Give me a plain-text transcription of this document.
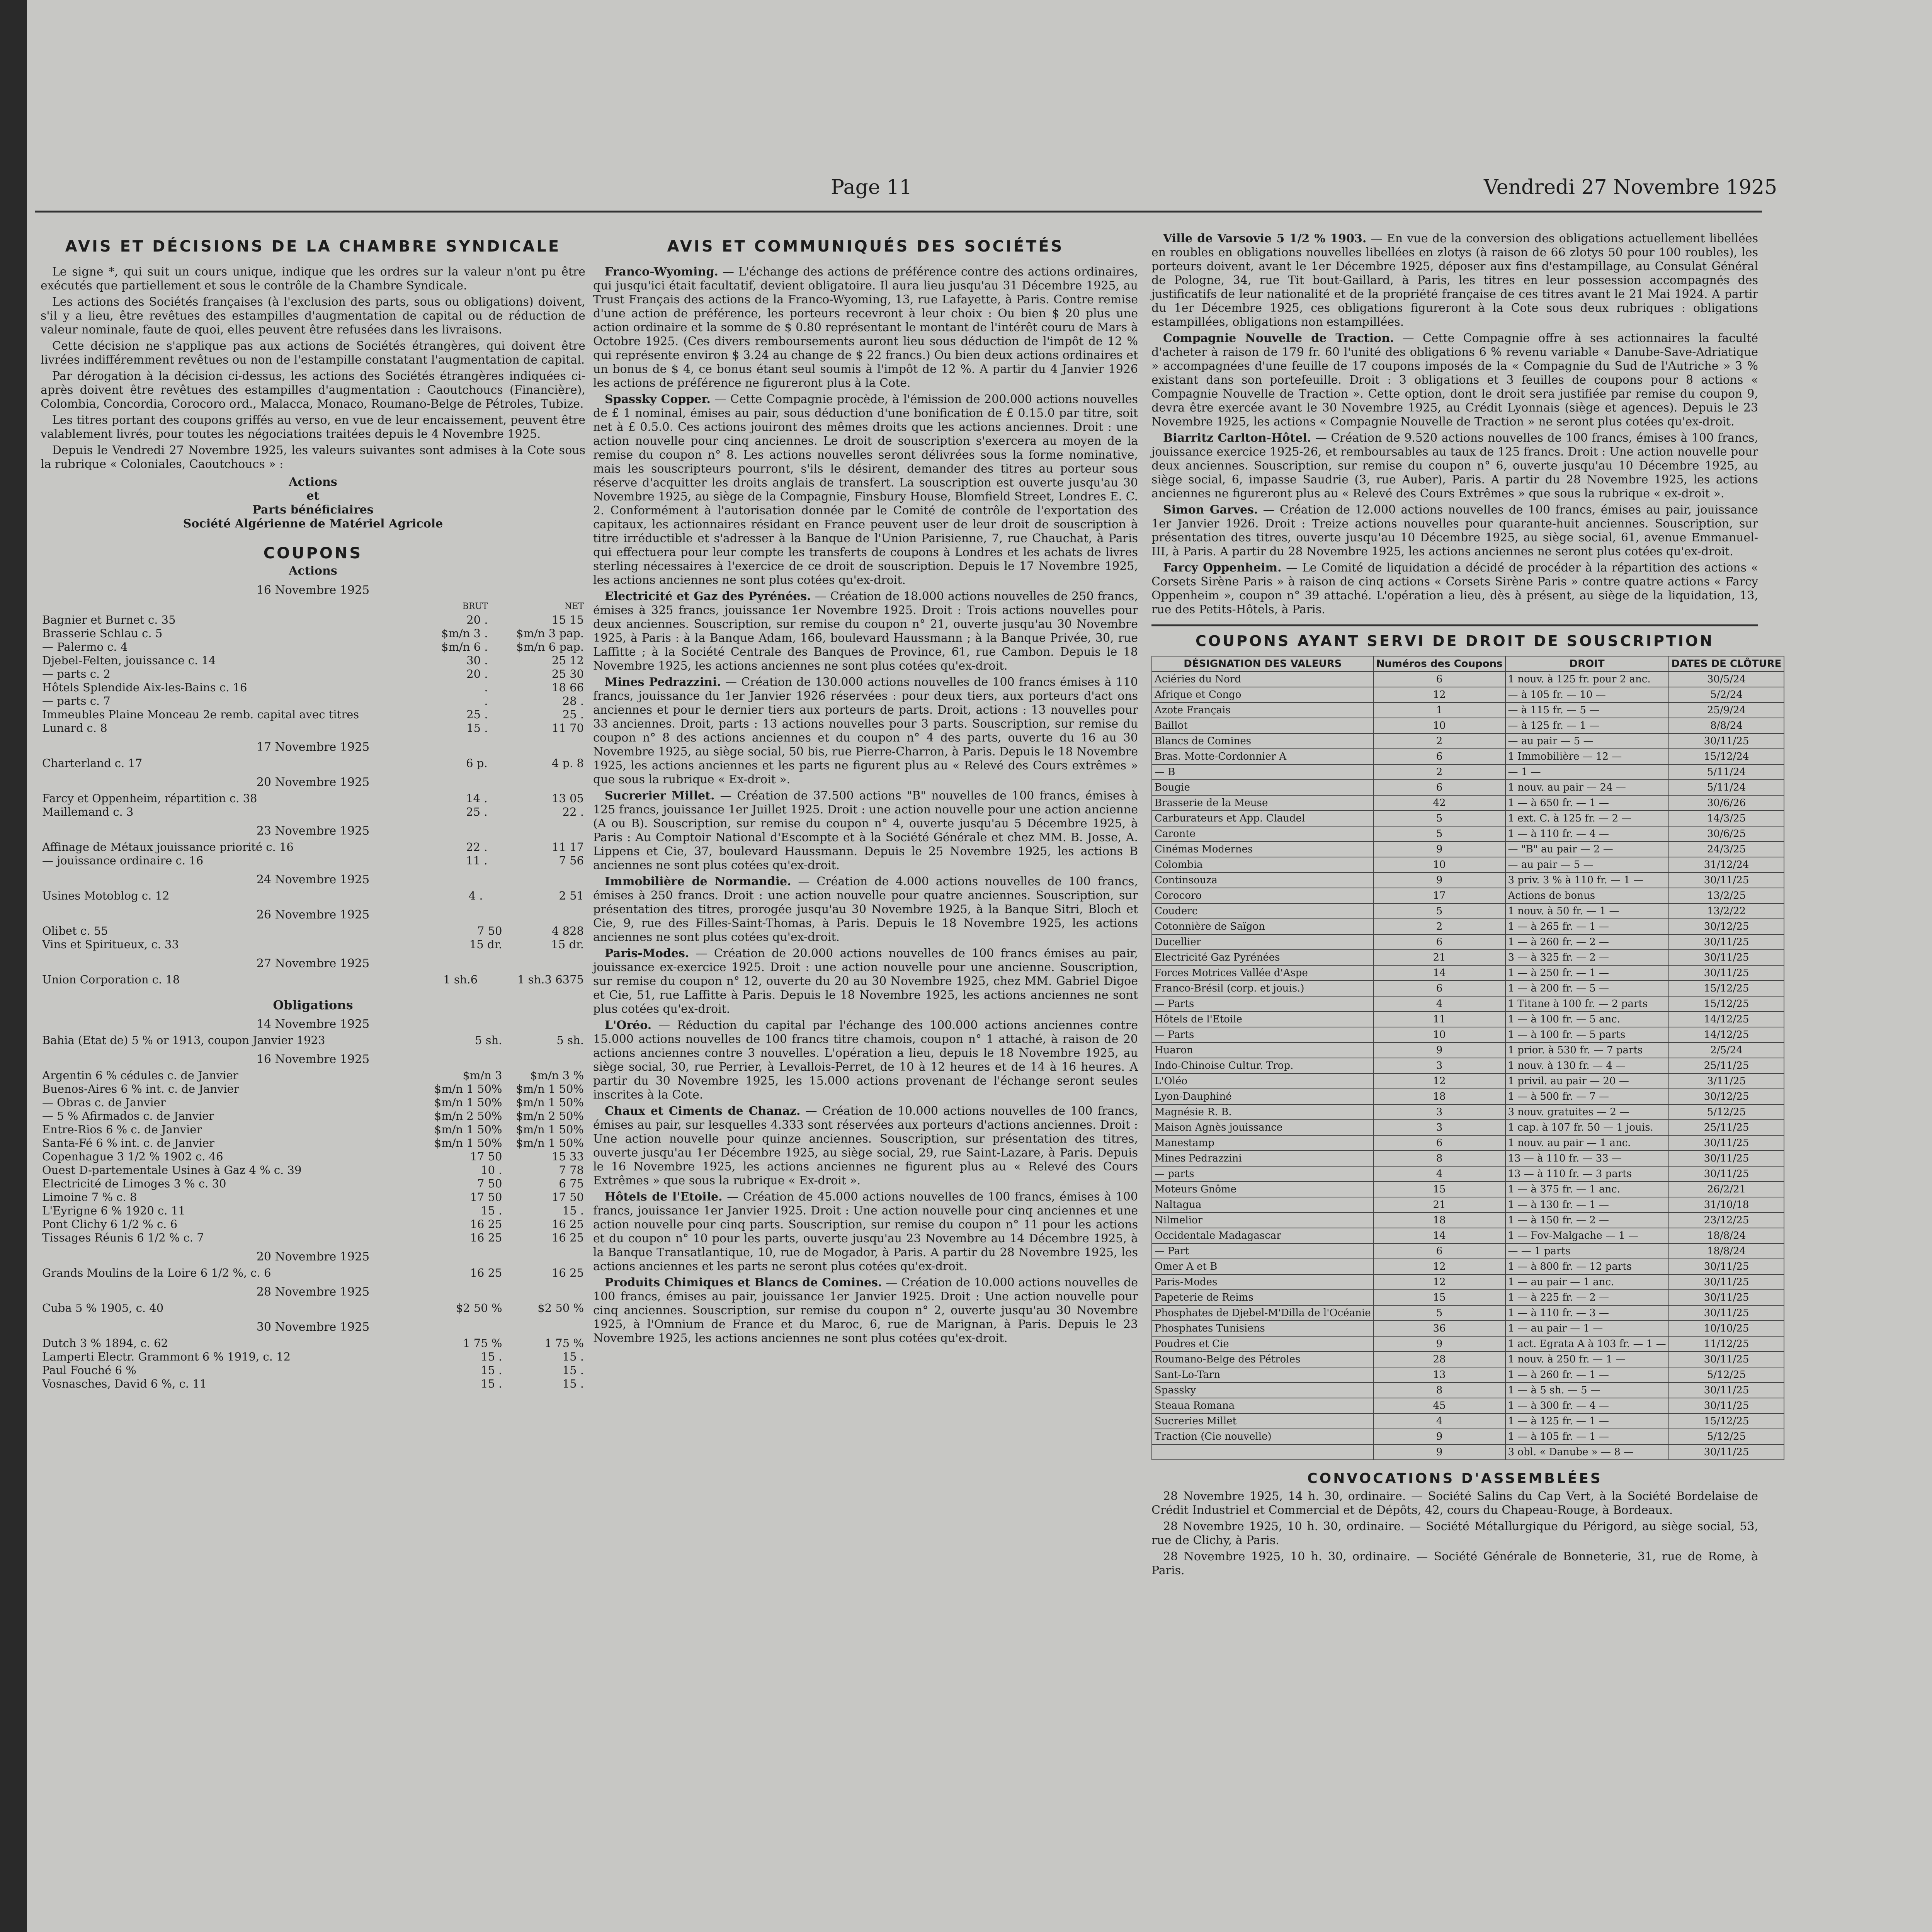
Page 11	Vendredi 27 Novembre 1925
AVIS ET DÉCISIONS DE LA CHAMBRE SYNDICALE

Le signe *, qui suit un cours unique, indique que les ordres sur la valeur n'ont pu être exécutés que partiellement et sous le contrôle de la Chambre Syndicale.

Les actions des Sociétés françaises (à l'exclusion des parts, sous ou obligations) doivent, s'il y a lieu, être revêtues des estampilles d'augmentation de capital ou de réduction de valeur nominale, faute de quoi, elles peuvent être refusées dans les livraisons.

Cette décision ne s'applique pas aux actions de Sociétés étrangères, qui doivent être livrées indifféremment revêtues ou non de l'estampille constatant l'augmentation de capital.

Par dérogation à la décision ci-dessus, les actions des Sociétés étrangères indiquées ci-après doivent être revêtues des estampilles d'augmentation : Caoutchoucs (Financière), Colombia, Concordia, Corocoro ord., Malacca, Monaco, Roumano-Belge de Pétroles, Tubize.

Les titres portant des coupons griffés au verso, en vue de leur encaissement, peuvent être valablement livrés, pour toutes les négociations traitées depuis le 4 Novembre 1925.

Depuis le Vendredi 27 Novembre 1925, les valeurs suivantes sont admises à la Cote sous la rubrique « Coloniales, Caoutchoucs » :

Actions
et
Parts bénéficiaires
Société Algérienne de Matériel Agricole
COUPONS
Actions
16 Novembre 1925
	BRUT	NET
Bagnier et Burnet c. 35	20 .	15 15
Brasserie Schlau c. 5	$m/n 3 .	$m/n 3 pap.
— Palermo c. 4	$m/n 6 .	$m/n 6 pap.
Djebel-Felten, jouissance c. 14	30 .	25 12
— parts c. 2	20 .	25 30
Hôtels Splendide Aix-les-Bains c. 16	.	18 66
— parts c. 7	.	28 .
Immeubles Plaine Monceau 2e remb. capital avec titres	25 .	25 .
Lunard c. 8	15 .	11 70
17 Novembre 1925
Charterland c. 17	6 p.	4 p. 8
20 Novembre 1925
Farcy et Oppenheim, répartition c. 38	14 .	13 05
Maillemand c. 3	25 .	22 .
23 Novembre 1925
Affinage de Métaux jouissance priorité c. 16	22 .	11 17
— jouissance ordinaire c. 16	11 .	7 56
24 Novembre 1925
Usines Motoblog c. 12	4 .	2 51
26 Novembre 1925
Olibet c. 55	7 50	4 828
Vins et Spiritueux, c. 33	15 dr.	15 dr.
27 Novembre 1925
Union Corporation c. 18	1 sh.6	1 sh.3 6375
Obligations
14 Novembre 1925
Bahia (Etat de) 5 % or 1913, coupon Janvier 1923	5 sh.	5 sh.
16 Novembre 1925
Argentin 6 % cédules c. de Janvier	$m/n 3	$m/n 3 %
Buenos-Aires 6 % int. c. de Janvier	$m/n 1 50%	$m/n 1 50%
— Obras c. de Janvier	$m/n 1 50%	$m/n 1 50%
— 5 % Afirmados c. de Janvier	$m/n 2 50%	$m/n 2 50%
Entre-Rios 6 % c. de Janvier	$m/n 1 50%	$m/n 1 50%
Santa-Fé 6 % int. c. de Janvier	$m/n 1 50%	$m/n 1 50%
Copenhague 3 1/2 % 1902 c. 46	17 50	15 33
Ouest D-partementale Usines à Gaz 4 % c. 39	10 .	7 78
Electricité de Limoges 3 % c. 30	7 50	6 75
Limoine 7 % c. 8	17 50	17 50
L'Eyrigne 6 % 1920 c. 11	15 .	15 .
Pont Clichy 6 1/2 % c. 6	16 25	16 25
Tissages Réunis 6 1/2 % c. 7	16 25	16 25
20 Novembre 1925
Grands Moulins de la Loire 6 1/2 %, c. 6	16 25	16 25
28 Novembre 1925
Cuba 5 % 1905, c. 40	$2 50 %	$2 50 %
30 Novembre 1925
Dutch 3 % 1894, c. 62	1 75 %	1 75 %
Lamperti Electr. Grammont 6 % 1919, c. 12	15 .	15 .
Paul Fouché 6 %	15 .	15 .
Vosnasches, David 6 %, c. 11	15 .	15 .
AVIS ET COMMUNIQUÉS DES SOCIÉTÉS

Franco-Wyoming. — L'échange des actions de préférence contre des actions ordinaires, qui jusqu'ici était facultatif, devient obligatoire. Il aura lieu jusqu'au 31 Décembre 1925, au Trust Français des actions de la Franco-Wyoming, 13, rue Lafayette, à Paris. Contre remise d'une action de préférence, les porteurs recevront à leur choix : Ou bien $ 20 plus une action ordinaire et la somme de $ 0.80 représentant le montant de l'intérêt couru de Mars à Octobre 1925. (Ces divers remboursements auront lieu sous déduction de l'impôt de 12 % qui représente environ $ 3.24 au change de $ 22 francs.) Ou bien deux actions ordinaires et un bonus de $ 4, ce bonus étant seul soumis à l'impôt de 12 %. A partir du 4 Janvier 1926 les actions de préférence ne figureront plus à la Cote.

Spassky Copper. — Cette Compagnie procède, à l'émission de 200.000 actions nouvelles de £ 1 nominal, émises au pair, sous déduction d'une bonification de £ 0.15.0 par titre, soit net à £ 0.5.0. Ces actions jouiront des mêmes droits que les actions anciennes. Droit : une action nouvelle pour cinq anciennes. Le droit de souscription s'exercera au moyen de la remise du coupon n° 8. Les actions nouvelles seront délivrées sous la forme nominative, mais les souscripteurs pourront, s'ils le désirent, demander des titres au porteur sous réserve d'acquitter les droits anglais de transfert. La souscription est ouverte jusqu'au 30 Novembre 1925, au siège de la Compagnie, Finsbury House, Blomfield Street, Londres E. C. 2. Conformément à l'autorisation donnée par le Comité de contrôle de l'exportation des capitaux, les actionnaires résidant en France peuvent user de leur droit de souscription à titre irréductible et s'adresser à la Banque de l'Union Parisienne, 7, rue Chauchat, à Paris qui effectuera pour leur compte les transferts de coupons à Londres et les achats de livres sterling nécessaires à l'exercice de ce droit de souscription. Depuis le 17 Novembre 1925, les actions anciennes ne sont plus cotées qu'ex-droit.

Electricité et Gaz des Pyrénées. — Création de 18.000 actions nouvelles de 250 francs, émises à 325 francs, jouissance 1er Novembre 1925. Droit : Trois actions nouvelles pour deux anciennes. Souscription, sur remise du coupon n° 21, ouverte jusqu'au 30 Novembre 1925, à Paris : à la Banque Adam, 166, boulevard Haussmann ; à la Banque Privée, 30, rue Laffitte ; à la Société Centrale des Banques de Province, 61, rue Cambon. Depuis le 18 Novembre 1925, les actions anciennes ne sont plus cotées qu'ex-droit.

Mines Pedrazzini. — Création de 130.000 actions nouvelles de 100 francs émises à 110 francs, jouissance du 1er Janvier 1926 réservées : pour deux tiers, aux porteurs d'act ons anciennes et pour le dernier tiers aux porteurs de parts. Droit, actions : 13 nouvelles pour 33 anciennes. Droit, parts : 13 actions nouvelles pour 3 parts. Souscription, sur remise du coupon n° 8 des actions anciennes et du coupon n° 4 des parts, ouverte du 16 au 30 Novembre 1925, au siège social, 50 bis, rue Pierre-Charron, à Paris. Depuis le 18 Novembre 1925, les actions anciennes et les parts ne figurent plus au « Relevé des Cours extrêmes » que sous la rubrique « Ex-droit ».

Sucrerier Millet. — Création de 37.500 actions "B" nouvelles de 100 francs, émises à 125 francs, jouissance 1er Juillet 1925. Droit : une action nouvelle pour une action ancienne (A ou B). Souscription, sur remise du coupon n° 4, ouverte jusqu'au 5 Décembre 1925, à Paris : Au Comptoir National d'Escompte et à la Société Générale et chez MM. B. Josse, A. Lippens et Cie, 37, boulevard Haussmann. Depuis le 25 Novembre 1925, les actions B anciennes ne sont plus cotées qu'ex-droit.

Immobilière de Normandie. — Création de 4.000 actions nouvelles de 100 francs, émises à 250 francs. Droit : une action nouvelle pour quatre anciennes. Souscription, sur présentation des titres, prorogée jusqu'au 30 Novembre 1925, à la Banque Sitri, Bloch et Cie, 9, rue des Filles-Saint-Thomas, à Paris. Depuis le 18 Novembre 1925, les actions anciennes ne sont plus cotées qu'ex-droit.

Paris-Modes. — Création de 20.000 actions nouvelles de 100 francs émises au pair, jouissance ex-exercice 1925. Droit : une action nouvelle pour une ancienne. Souscription, sur remise du coupon n° 12, ouverte du 20 au 30 Novembre 1925, chez MM. Gabriel Digoe et Cie, 51, rue Laffitte à Paris. Depuis le 18 Novembre 1925, les actions anciennes ne sont plus cotées qu'ex-droit.

L'Oréo. — Réduction du capital par l'échange des 100.000 actions anciennes contre 15.000 actions nouvelles de 100 francs titre chamois, coupon n° 1 attaché, à raison de 20 actions anciennes contre 3 nouvelles. L'opération a lieu, depuis le 18 Novembre 1925, au siège social, 30, rue Perrier, à Levallois-Perret, de 10 à 12 heures et de 14 à 16 heures. A partir du 30 Novembre 1925, les 15.000 actions provenant de l'échange seront seules inscrites à la Cote.

Chaux et Ciments de Chanaz. — Création de 10.000 actions nouvelles de 100 francs, émises au pair, sur lesquelles 4.333 sont réservées aux porteurs d'actions anciennes. Droit : Une action nouvelle pour quinze anciennes. Souscription, sur présentation des titres, ouverte jusqu'au 1er Décembre 1925, au siège social, 29, rue Saint-Lazare, à Paris. Depuis le 16 Novembre 1925, les actions anciennes ne figurent plus au « Relevé des Cours Extrêmes » que sous la rubrique « Ex-droit ».

Hôtels de l'Etoile. — Création de 45.000 actions nouvelles de 100 francs, émises à 100 francs, jouissance 1er Janvier 1925. Droit : Une action nouvelle pour cinq anciennes et une action nouvelle pour cinq parts. Souscription, sur remise du coupon n° 11 pour les actions et du coupon n° 10 pour les parts, ouverte jusqu'au 23 Novembre au 14 Décembre 1925, à la Banque Transatlantique, 10, rue de Mogador, à Paris. A partir du 28 Novembre 1925, les actions anciennes et les parts ne seront plus cotées qu'ex-droit.

Produits Chimiques et Blancs de Comines. — Création de 10.000 actions nouvelles de 100 francs, émises au pair, jouissance 1er Janvier 1925. Droit : Une action nouvelle pour cinq anciennes. Souscription, sur remise du coupon n° 2, ouverte jusqu'au 30 Novembre 1925, à l'Omnium de France et du Maroc, 6, rue de Marignan, à Paris. Depuis le 23 Novembre 1925, les actions anciennes ne sont plus cotées qu'ex-droit.

Ville de Varsovie 5 1/2 % 1903. — En vue de la conversion des obligations actuellement libellées en roubles en obligations nouvelles libellées en zlotys (à raison de 66 zlotys 50 pour 100 roubles), les porteurs doivent, avant le 1er Décembre 1925, déposer aux fins d'estampillage, au Consulat Général de Pologne, 34, rue Tit bout-Gaillard, à Paris, les titres en leur possession accompagnés des justificatifs de leur nationalité et de la propriété française de ces titres avant le 21 Mai 1924. A partir du 1er Décembre 1925, ces obligations figureront à la Cote sous deux rubriques : obligations estampillées, obligations non estampillées.

Compagnie Nouvelle de Traction. — Cette Compagnie offre à ses actionnaires la faculté d'acheter à raison de 179 fr. 60 l'unité des obligations 6 % revenu variable « Danube-Save-Adriatique » accompagnées d'une feuille de 17 coupons imposés de la « Compagnie du Sud de l'Autriche » 3 % existant dans son portefeuille. Droit : 3 obligations et 3 feuilles de coupons pour 8 actions « Compagnie Nouvelle de Traction ». Cette option, dont le droit sera justifiée par remise du coupon 9, devra être exercée avant le 30 Novembre 1925, au Crédit Lyonnais (siège et agences). Depuis le 23 Novembre 1925, les actions « Compagnie Nouvelle de Traction » ne seront plus cotées qu'ex-droit.

Biarritz Carlton-Hôtel. — Création de 9.520 actions nouvelles de 100 francs, émises à 100 francs, jouissance exercice 1925-26, et remboursables au taux de 125 francs. Droit : Une action nouvelle pour deux anciennes. Souscription, sur remise du coupon n° 6, ouverte jusqu'au 10 Décembre 1925, au siège social, 6, impasse Saudrie (3, rue Auber), Paris. A partir du 28 Novembre 1925, les actions anciennes ne figureront plus au « Relevé des Cours Extrêmes » que sous la rubrique « ex-droit ».

Simon Garves. — Création de 12.000 actions nouvelles de 100 francs, émises au pair, jouissance 1er Janvier 1926. Droit : Treize actions nouvelles pour quarante-huit anciennes. Souscription, sur présentation des titres, ouverte jusqu'au 10 Décembre 1925, au siège social, 61, avenue Emmanuel-III, à Paris. A partir du 28 Novembre 1925, les actions anciennes ne seront plus cotées qu'ex-droit.

Farcy Oppenheim. — Le Comité de liquidation a décidé de procéder à la répartition des actions « Corsets Sirène Paris » à raison de cinq actions « Corsets Sirène Paris » contre quatre actions « Farcy Oppenheim », coupon n° 39 attaché. L'opération a lieu, dès à présent, au siège de la liquidation, 13, rue des Petits-Hôtels, à Paris.

COUPONS AYANT SERVI DE DROIT DE SOUSCRIPTION
DÉSIGNATION DES VALEURS	Numéros des Coupons	DROIT	DATES DE CLÔTURE
Aciéries du Nord	6	1 nouv. à 125 fr. pour 2 anc.	30/5/24
Afrique et Congo	12	— à 105 fr. — 10 —	5/2/24
Azote Français	1	— à 115 fr. — 5 —	25/9/24
Baillot	10	— à 125 fr. — 1 —	8/8/24
Blancs de Comines	2	— au pair — 5 —	30/11/25
Bras. Motte-Cordonnier A	6	1 Immobilière — 12 —	15/12/24
— B	2	— 1 —	5/11/24
Bougie	6	1 nouv. au pair — 24 —	5/11/24
Brasserie de la Meuse	42	1 — à 650 fr. — 1 —	30/6/26
Carburateurs et App. Claudel	5	1 ext. C. à 125 fr. — 2 —	14/3/25
Caronte	5	1 — à 110 fr. — 4 —	30/6/25
Cinémas Modernes	9	— "B" au pair — 2 —	24/3/25
Colombia	10	— au pair — 5 —	31/12/24
Continsouza	9	3 priv. 3 % à 110 fr. — 1 —	30/11/25
Corocoro	17	Actions de bonus	13/2/25
Couderc	5	1 nouv. à 50 fr. — 1 —	13/2/22
Cotonnière de Saïgon	2	1 — à 265 fr. — 1 —	30/12/25
Ducellier	6	1 — à 260 fr. — 2 —	30/11/25
Electricité Gaz Pyrénées	21	3 — à 325 fr. — 2 —	30/11/25
Forces Motrices Vallée d'Aspe	14	1 — à 250 fr. — 1 —	30/11/25
Franco-Brésil (corp. et jouis.)	6	1 — à 200 fr. — 5 —	15/12/25
— Parts	4	1 Titane à 100 fr. — 2 parts	15/12/25
Hôtels de l'Etoile	11	1 — à 100 fr. — 5 anc.	14/12/25
— Parts	10	1 — à 100 fr. — 5 parts	14/12/25
Huaron	9	1 prior. à 530 fr. — 7 parts	2/5/24
Indo-Chinoise Cultur. Trop.	3	1 nouv. à 130 fr. — 4 —	25/11/25
L'Oléo	12	1 privil. au pair — 20 —	3/11/25
Lyon-Dauphiné	18	1 — à 500 fr. — 7 —	30/12/25
Magnésie R. B.	3	3 nouv. gratuites — 2 —	5/12/25
Maison Agnès jouissance	3	1 cap. à 107 fr. 50 — 1 jouis.	25/11/25
Manestamp	6	1 nouv. au pair — 1 anc.	30/11/25
Mines Pedrazzini	8	13 — à 110 fr. — 33 —	30/11/25
— parts	4	13 — à 110 fr. — 3 parts	30/11/25
Moteurs Gnôme	15	1 — à 375 fr. — 1 anc.	26/2/21
Naltagua	21	1 — à 130 fr. — 1 —	31/10/18
Nilmelior	18	1 — à 150 fr. — 2 —	23/12/25
Occidentale Madagascar	14	1 — Fov-Malgache — 1 —	18/8/24
— Part	6	— — 1 parts	18/8/24
Omer A et B	12	1 — à 800 fr. — 12 parts	30/11/25
Paris-Modes	12	1 — au pair — 1 anc.	30/11/25
Papeterie de Reims	15	1 — à 225 fr. — 2 —	30/11/25
Phosphates de Djebel-M'Dilla de l'Océanie	5	1 — à 110 fr. — 3 —	30/11/25
Phosphates Tunisiens	36	1 — au pair — 1 —	10/10/25
Poudres et Cie	9	1 act. Egrata A à 103 fr. — 1 —	11/12/25
Roumano-Belge des Pétroles	28	1 nouv. à 250 fr. — 1 —	30/11/25
Sant-Lo-Tarn	13	1 — à 260 fr. — 1 —	5/12/25
Spassky	8	1 — à 5 sh. — 5 —	30/11/25
Steaua Romana	45	1 — à 300 fr. — 4 —	30/11/25
Sucreries Millet	4	1 — à 125 fr. — 1 —	15/12/25
Traction (Cie nouvelle)	9	1 — à 105 fr. — 1 —	5/12/25
	9	3 obl. « Danube » — 8 —	30/11/25
CONVOCATIONS D'ASSEMBLÉES

28 Novembre 1925, 14 h. 30, ordinaire. — Société Salins du Cap Vert, à la Société Bordelaise de Crédit Industriel et Commercial et de Dépôts, 42, cours du Chapeau-Rouge, à Bordeaux.

28 Novembre 1925, 10 h. 30, ordinaire. — Société Métallurgique du Périgord, au siège social, 53, rue de Clichy, à Paris.

28 Novembre 1925, 10 h. 30, ordinaire. — Société Générale de Bonneterie, 31, rue de Rome, à Paris.
